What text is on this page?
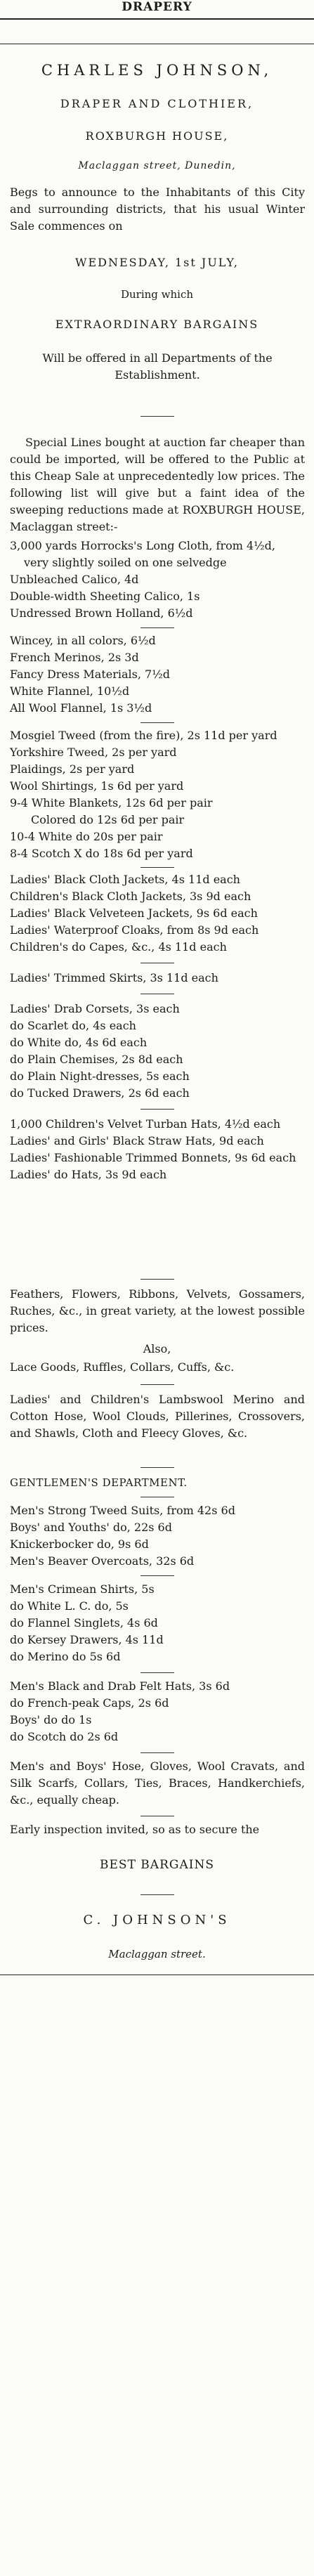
DRAPERY
CHARLES JOHNSON,
DRAPER AND CLOTHIER,
ROXBURGH HOUSE,
Maclaggan street, Dunedin,
Begs to announce to the Inhabitants of this City and surrounding districts, that his usual Winter Sale commences on
WEDNESDAY, 1st JULY,
During which
EXTRAORDINARY BARGAINS
Will be offered in all Departments of the Establishment.
Special Lines bought at auction far cheaper than could be imported, will be offered to the Public at this Cheap Sale at unprecedentedly low prices. The following list will give but a faint idea of the sweeping reductions made at ROXBURGH HOUSE, Maclaggan street:-
3,000 yards Horrocks's Long Cloth, from 4½d,
very slightly soiled on one selvedge
Unbleached Calico, 4d
Double-width Sheeting Calico, 1s
Undressed Brown Holland, 6½d
Wincey, in all colors, 6½d
French Merinos, 2s 3d
Fancy Dress Materials, 7½d
White Flannel, 10½d
All Wool Flannel, 1s 3½d
Mosgiel Tweed (from the fire), 2s 11d per yard
Yorkshire Tweed, 2s per yard
Plaidings, 2s per yard
Wool Shirtings, 1s 6d per yard
9-4 White Blankets, 12s 6d per pair
Colored do 12s 6d per pair
10-4 White do 20s per pair
8-4 Scotch X do 18s 6d per yard
Ladies' Black Cloth Jackets, 4s 11d each
Children's Black Cloth Jackets, 3s 9d each
Ladies' Black Velveteen Jackets, 9s 6d each
Ladies' Waterproof Cloaks, from 8s 9d each
Children's do Capes, &c., 4s 11d each
Ladies' Trimmed Skirts, 3s 11d each
Ladies' Drab Corsets, 3s each
do Scarlet do, 4s each
do White do, 4s 6d each
do Plain Chemises, 2s 8d each
do Plain Night-dresses, 5s each
do Tucked Drawers, 2s 6d each
1,000 Children's Velvet Turban Hats, 4½d each
Ladies' and Girls' Black Straw Hats, 9d each
Ladies' Fashionable Trimmed Bonnets, 9s 6d each
Ladies' do Hats, 3s 9d each
Feathers, Flowers, Ribbons, Velvets, Gossamers, Ruches, &c., in great variety, at the lowest possible prices.
Also,
Lace Goods, Ruffles, Collars, Cuffs, &c.
Ladies' and Children's Lambswool Merino and Cotton Hose, Wool Clouds, Pillerines, Crossovers, and Shawls, Cloth and Fleecy Gloves, &c.
GENTLEMEN'S DEPARTMENT.
Men's Strong Tweed Suits, from 42s 6d
Boys' and Youths' do, 22s 6d
Knickerbocker do, 9s 6d
Men's Beaver Overcoats, 32s 6d
Men's Crimean Shirts, 5s
do White L. C. do, 5s
do Flannel Singlets, 4s 6d
do Kersey Drawers, 4s 11d
do Merino do 5s 6d
Men's Black and Drab Felt Hats, 3s 6d
do French-peak Caps, 2s 6d
Boys' do do 1s
do Scotch do 2s 6d
Men's and Boys' Hose, Gloves, Wool Cravats, and Silk Scarfs, Collars, Ties, Braces, Handkerchiefs, &c., equally cheap.
Early inspection invited, so as to secure the
BEST BARGAINS
C. JOHNSON'S
Maclaggan street.
